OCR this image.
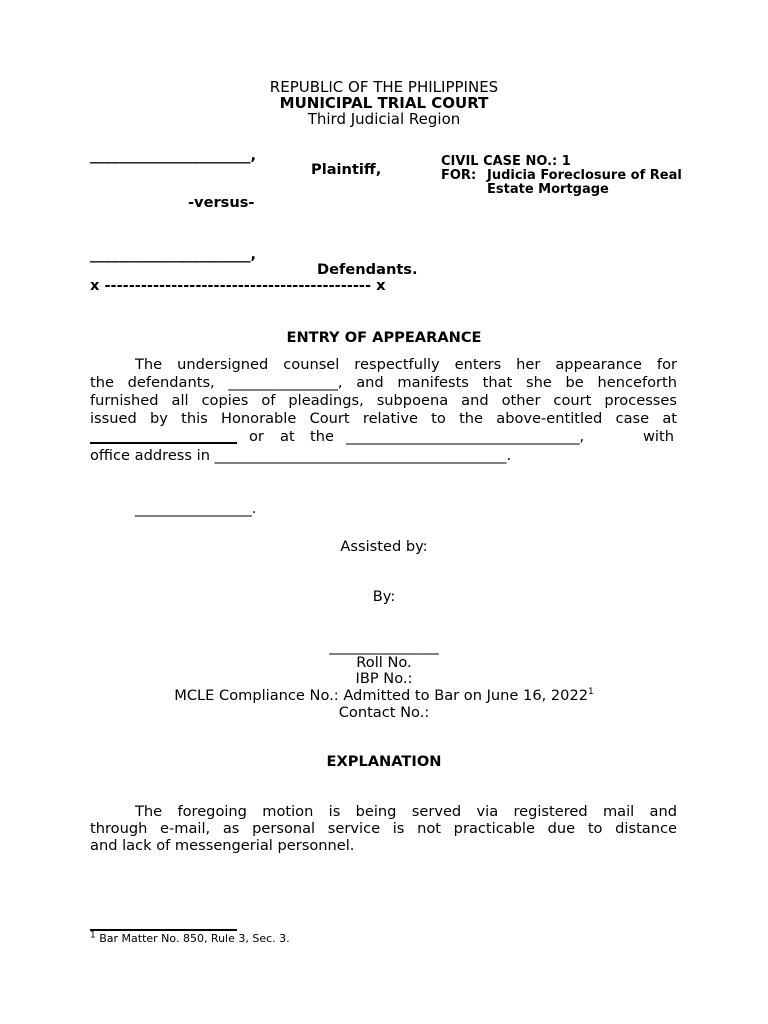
REPUBLIC OF THE PHILIPPINES
MUNICIPAL TRIAL COURT
Third Judicial Region
______________________,
Plaintiff,
-versus-
______________________,
Defendants.
x -------------------------------------------- x
CIVIL CASE NO.: 1
FOR: Judicia Foreclosure of Real
Estate Mortgage
ENTRY OF APPEARANCE
The undersigned counsel respectfully enters her appearance for
the defendants, _______________, and manifests that she be henceforth
furnished all copies of pleadings, subpoena and other court processes
issued by this Honorable Court relative to the above-entitled case at
or at the ________________________________,	with
office address in ________________________________________.
________________.
Assisted by:
By:
_______________
Roll No.
IBP No.:
MCLE Compliance No.: Admitted to Bar on June 16, 2022$^1$
Contact No.:
EXPLANATION
The foregoing motion is being served via registered mail and
through e-mail, as personal service is not practicable due to distance
and lack of messengerial personnel.
$^1$ Bar Matter No. 850, Rule 3, Sec. 3.
